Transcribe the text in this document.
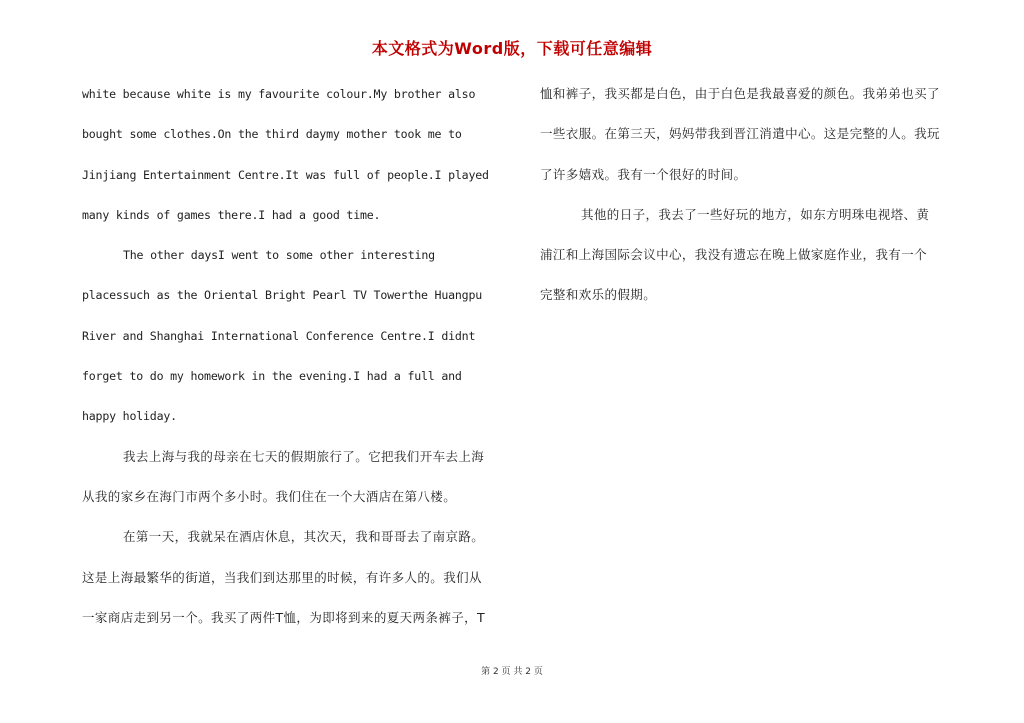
本文格式为Word版，下载可任意编辑
white because white is my favourite colour.My brother also
bought some clothes.On the third daymy mother took me to
Jinjiang Entertainment Centre.It was full of people.I played
many kinds of games there.I had a good time.
The other daysI went to some other interesting
placessuch as the Oriental Bright Pearl TV Towerthe Huangpu
River and Shanghai International Conference Centre.I didnt
forget to do my homework in the evening.I had a full and
happy holiday.
我去上海与我的母亲在七天的假期旅行了。它把我们开车去上海
从我的家乡在海门市两个多小时。我们住在一个大酒店在第八楼。
在第一天，我就呆在酒店休息，其次天，我和哥哥去了南京路。
这是上海最繁华的街道，当我们到达那里的时候，有许多人的。我们从
一家商店走到另一个。我买了两件T恤，为即将到来的夏天两条裤子，T
恤和裤子，我买都是白色，由于白色是我最喜爱的颜色。我弟弟也买了
一些衣服。在第三天，妈妈带我到晋江消遣中心。这是完整的人。我玩
了许多嬉戏。我有一个很好的时间。
其他的日子，我去了一些好玩的地方，如东方明珠电视塔、黄
浦江和上海国际会议中心，我没有遗忘在晚上做家庭作业，我有一个
完整和欢乐的假期。
第 2 页 共 2 页
